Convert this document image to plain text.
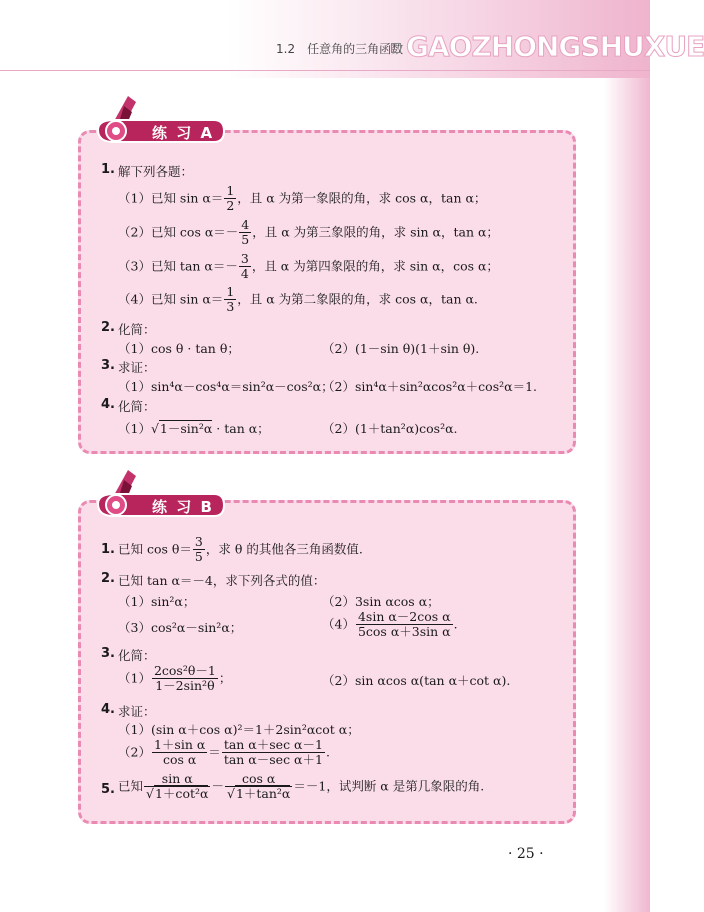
1.2　任意角的三角函数 GAOZHONGSHUXUE
练 习 A
1. 解下列各题：
（1）已知 $\sin \alpha= \frac{1}{2}$ ，且 α 为第一象限的角，求 cos α，tan α；
（2）已知 $\cos \alpha=- \frac{4}{5}$ ，且 α 为第三象限的角，求 sin α，tan α；
（3）已知 $\tan \alpha=- \frac{3}{4}$ ，且 α 为第四象限的角，求 sin α，cos α；
（4）已知 $\sin \alpha= \frac{1}{3}$ ，且 α 为第二象限的角，求 cos α，tan α.
2. 化简：
（1）cos θ · tan θ；	（2）(1－sin θ)(1＋sin θ).
3. 求证：
（1）sin⁴α－cos⁴α＝sin²α－cos²α；
（2）sin⁴α＋sin²αcos²α＋cos²α＝1.
4. 化简：
（1）√1－sin²α · tan α；	（2）(1＋tan²α)cos²α.
练 习 B
1. 已知 $\cos \theta= \frac{3}{5}$ ，求 θ 的其他各三角函数值.
2. 已知 tan α＝－4，求下列各式的值：
（1）sin²α；	（2）3sin αcos α；
（3）cos²α－sin²α；	$(4) \frac{\text{4sin α－2cos α}}{\text{5cos α＋3sin α}}$ .
3. 化简：
$(1) \frac{\text{2cos²θ－1}}{\text{1－2sin²θ}}$ ；	（2）sin αcos α(tan α＋cot α).
4. 求证：
（1）(sin α＋cos α)²＝1＋2sin²αcot α；
$(2) \frac{\text{1＋sin α}}{\text{cos α}} = \frac{\text{tan α＋sec α－1}}{\text{tan α－sec α＋1}}$ .
5. 已知 $\frac{\text{sin α}}{\text{√1＋cot²α}} - \frac{\text{cos α}}{\text{√1＋tan²α}} =-1$，试判断 α 是第几象限的角.
· 25 ·
